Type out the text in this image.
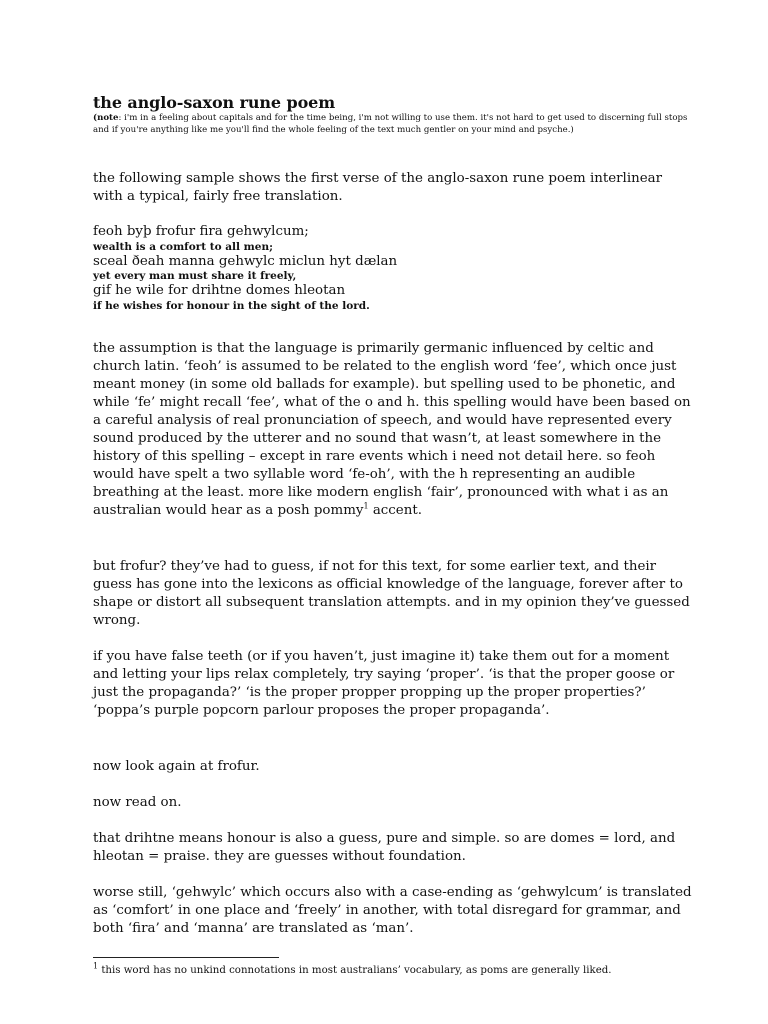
the anglo-saxon rune poem
(note: i'm in a feeling about capitals and for the time being, i'm not willing to use them. it's not hard to get used to discerning full stops and if you're anything like me you'll find the whole feeling of the text much gentler on your mind and psyche.)

the following sample shows the first verse of the anglo-saxon rune poem interlinear with a typical, fairly free translation.

feoh byþ frofur fira gehwylcum;
wealth is a comfort to all men;
sceal ðeah manna gehwylc miclun hyt dælan
yet every man must share it freely,
gif he wile for drihtne domes hleotan
if he wishes for honour in the sight of the lord.

the assumption is that the language is primarily germanic influenced by celtic and church latin. ‘feoh’ is assumed to be related to the english word ‘fee’, which once just meant money (in some old ballads for example). but spelling used to be phonetic, and while ‘fe’ might recall ‘fee’, what of the o and h. this spelling would have been based on a careful analysis of real pronunciation of speech, and would have represented every sound produced by the utterer and no sound that wasn’t, at least somewhere in the history of this spelling – except in rare events which i need not detail here. so feoh would have spelt a two syllable word ‘fe-oh’, with the h representing an audible breathing at the least. more like modern english ‘fair’, pronounced with what i as an australian would hear as a posh pommy$^1$ accent.

but frofur? they’ve had to guess, if not for this text, for some earlier text, and their guess has gone into the lexicons as official knowledge of the language, forever after to shape or distort all subsequent translation attempts. and in my opinion they’ve guessed wrong.

if you have false teeth (or if you haven’t, just imagine it) take them out for a moment and letting your lips relax completely, try saying ‘proper’. ‘is that the proper goose or just the propaganda?’ ‘is the proper propper propping up the proper properties?’ ‘poppa’s purple popcorn parlour proposes the proper propaganda’.

now look again at frofur.

now read on.

that drihtne means honour is also a guess, pure and simple. so are domes = lord, and hleotan = praise. they are guesses without foundation.

worse still, ‘gehwylc’ which occurs also with a case-ending as ‘gehwylcum’ is translated as ‘comfort’ in one place and ‘freely’ in another, with total disregard for grammar, and both ‘fira’ and ‘manna’ are translated as ‘man’.

$^1$ this word has no unkind connotations in most australians’ vocabulary, as poms are generally liked.
